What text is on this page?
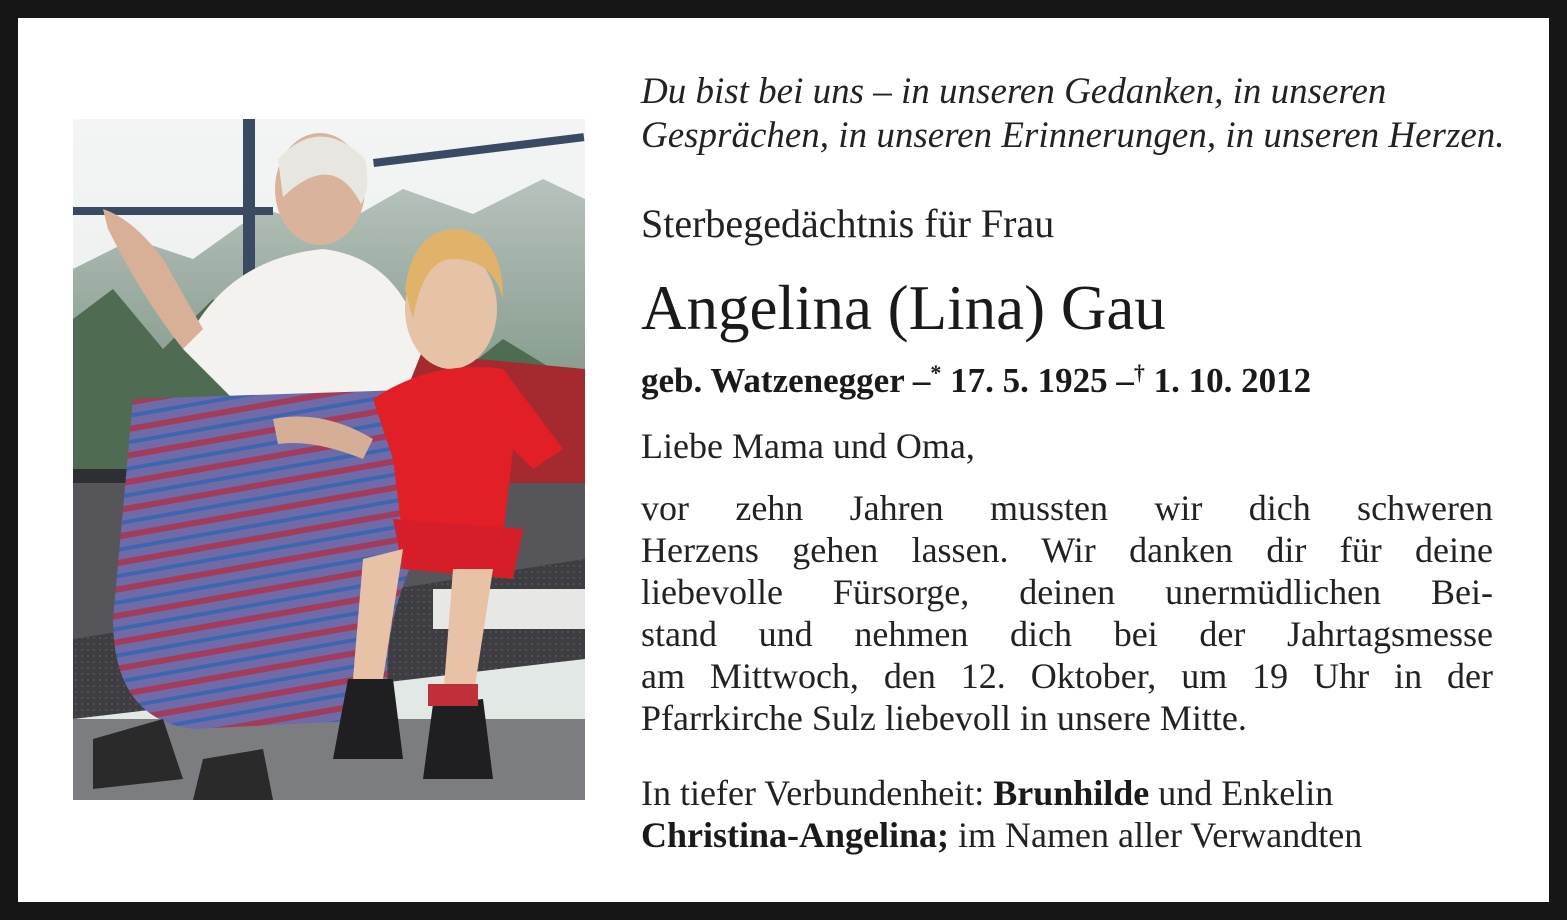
Du bist bei uns – in unseren Gedanken, in unseren
Gesprächen, in unseren Erinnerungen, in unseren Herzen.
Sterbegedächtnis für Frau
Angelina (Lina) Gau
geb. Watzenegger –* 17. 5. 1925 –† 1. 10. 2012
Liebe Mama und Oma,
vor zehn Jahren mussten wir dich schweren
Herzens gehen lassen. Wir danken dir für deine
liebevolle Fürsorge, deinen unermüdlichen Bei-
stand und nehmen dich bei der Jahrtagsmesse
am Mittwoch, den 12. Oktober, um 19 Uhr in der
Pfarrkirche Sulz liebevoll in unsere Mitte.
In tiefer Verbundenheit: Brunhilde und Enkelin
Christina-Angelina; im Namen aller Verwandten
